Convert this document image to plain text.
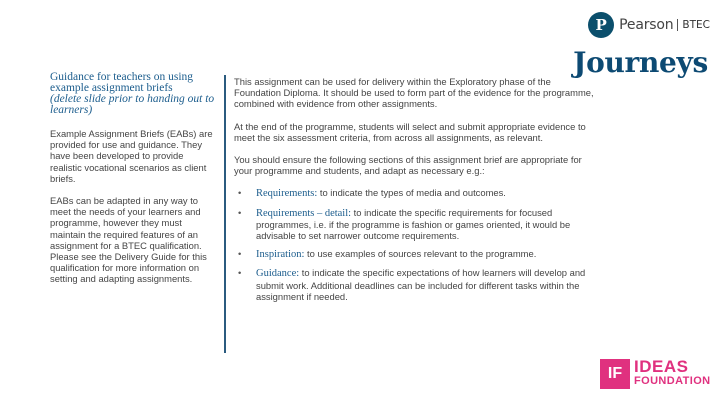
P Pearson BTEC
Journeys
Guidance for teachers on using example assignment briefs
(delete slide prior to handing out to learners)

Example Assignment Briefs (EABs) are provided for use and guidance. They have been developed to provide realistic vocational scenarios as client briefs.

EABs can be adapted in any way to meet the needs of your learners and programme, however they must maintain the required features of an assignment for a BTEC qualification. Please see the Delivery Guide for this qualification for more information on setting and adapting assignments.

This assignment can be used for delivery within the Exploratory phase of the Foundation Diploma. It should be used to form part of the evidence for the programme, combined with evidence from other assignments.

At the end of the programme, students will select and submit appropriate evidence to meet the six assessment criteria, from across all assignments, as relevant.

You should ensure the following sections of this assignment brief are appropriate for your programme and students, and adapt as necessary e.g.:

• Requirements: to indicate the types of media and outcomes.
• Requirements – detail: to indicate the specific requirements for focused programmes, i.e. if the programme is fashion or games oriented, it would be advisable to set narrower outcome requirements.
• Inspiration: to use examples of sources relevant to the programme.
• Guidance: to indicate the specific expectations of how learners will develop and submit work. Additional deadlines can be included for different tasks within the assignment if needed.
IF IDEAS
FOUNDATION
